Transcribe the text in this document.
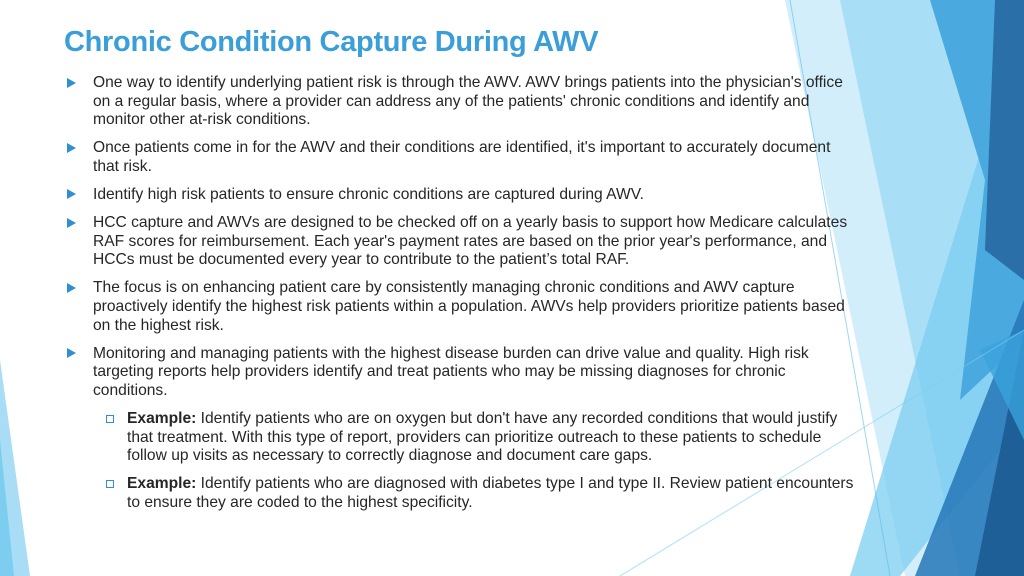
Chronic Condition Capture During AWV
One way to identify underlying patient risk is through the AWV. AWV brings patients into the physician's office on a regular basis, where a provider can address any of the patients' chronic conditions and identify and monitor other at-risk conditions.
Once patients come in for the AWV and their conditions are identified, it's important to accurately document that risk.
Identify high risk patients to ensure chronic conditions are captured during AWV.
HCC capture and AWVs are designed to be checked off on a yearly basis to support how Medicare calculates RAF scores for reimbursement. Each year's payment rates are based on the prior year's performance, and HCCs must be documented every year to contribute to the patient’s total RAF.
The focus is on enhancing patient care by consistently managing chronic conditions and AWV capture proactively identify the highest risk patients within a population. AWVs help providers prioritize patients based on the highest risk.
Monitoring and managing patients with the highest disease burden can drive value and quality. High risk targeting reports help providers identify and treat patients who may be missing diagnoses for chronic conditions.
Example: Identify patients who are on oxygen but don't have any recorded conditions that would justify that treatment. With this type of report, providers can prioritize outreach to these patients to schedule follow up visits as necessary to correctly diagnose and document care gaps.
Example: Identify patients who are diagnosed with diabetes type I and type II. Review patient encounters to ensure they are coded to the highest specificity.
